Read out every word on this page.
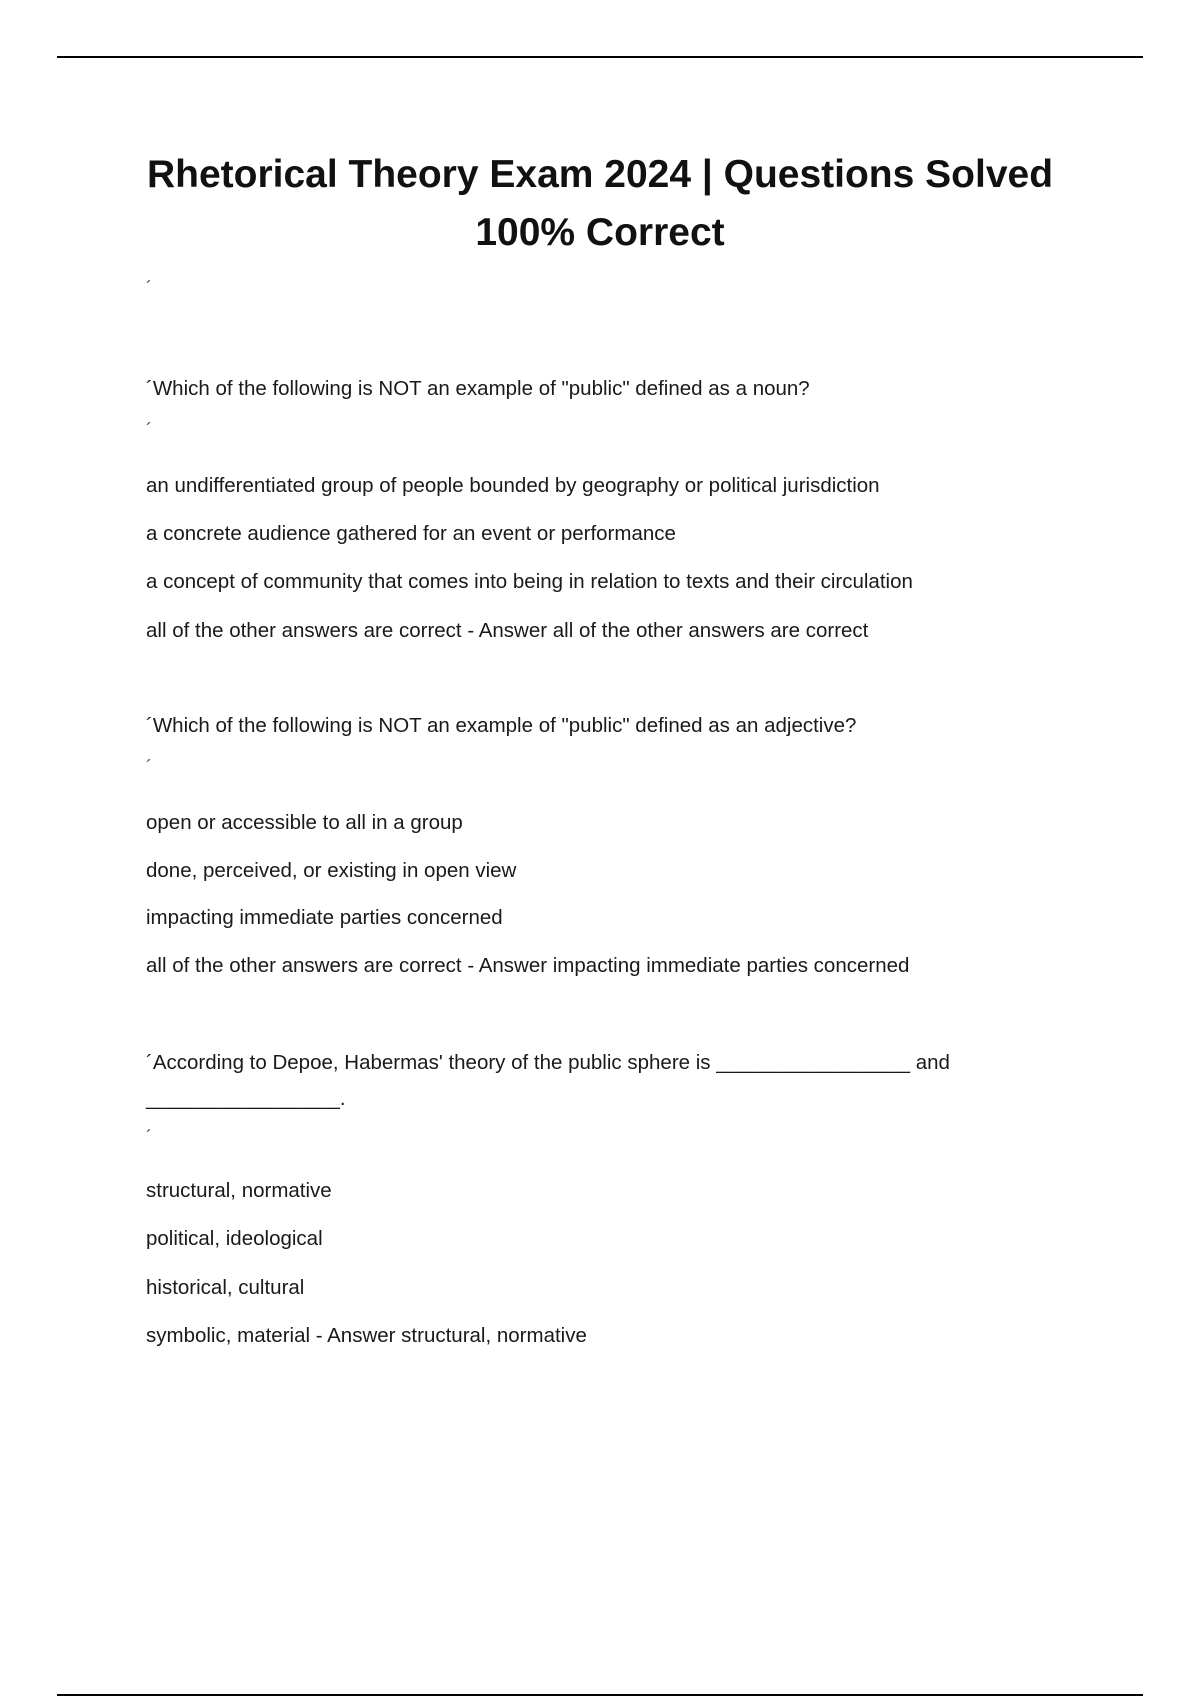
Rhetorical Theory Exam 2024 | Questions Solved
100% Correct
´
´Which of the following is NOT an example of "public" defined as a noun?
´
an undifferentiated group of people bounded by geography or political jurisdiction
a concrete audience gathered for an event or performance
a concept of community that comes into being in relation to texts and their circulation
all of the other answers are correct - Answer all of the other answers are correct
´Which of the following is NOT an example of "public" defined as an adjective?
´
open or accessible to all in a group
done, perceived, or existing in open view
impacting immediate parties concerned
all of the other answers are correct - Answer impacting immediate parties concerned
´According to Depoe, Habermas' theory of the public sphere is _________________ and
_________________.
´
structural, normative
political, ideological
historical, cultural
symbolic, material - Answer structural, normative
